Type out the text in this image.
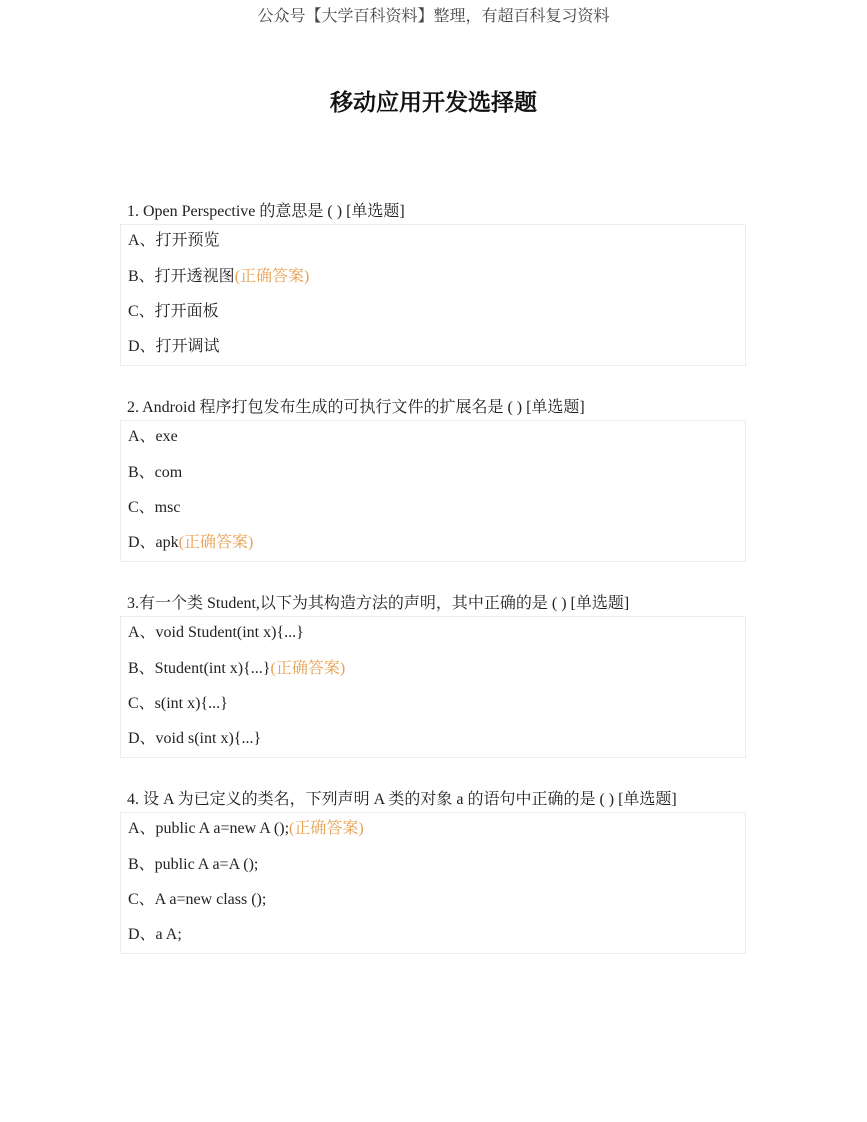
公众号【大学百科资料】整理，有超百科复习资料
移动应用开发选择题
1. Open Perspective 的意思是 ( ) [单选题]
A、打开预览
B、打开透视图(正确答案)
C、打开面板
D、打开调试
2. Android 程序打包发布生成的可执行文件的扩展名是 ( ) [单选题]
A、exe
B、com
C、msc
D、apk(正确答案)
3.有一个类 Student,以下为其构造方法的声明，其中正确的是 ( ) [单选题]
A、void Student(int x){...}
B、Student(int x){...}(正确答案)
C、s(int x){...}
D、void s(int x){...}
4. 设 A 为已定义的类名，下列声明 A 类的对象 a 的语句中正确的是 ( ) [单选题]
A、public A a=new A ();(正确答案)
B、public A a=A ();
C、A a=new class ();
D、a A;
